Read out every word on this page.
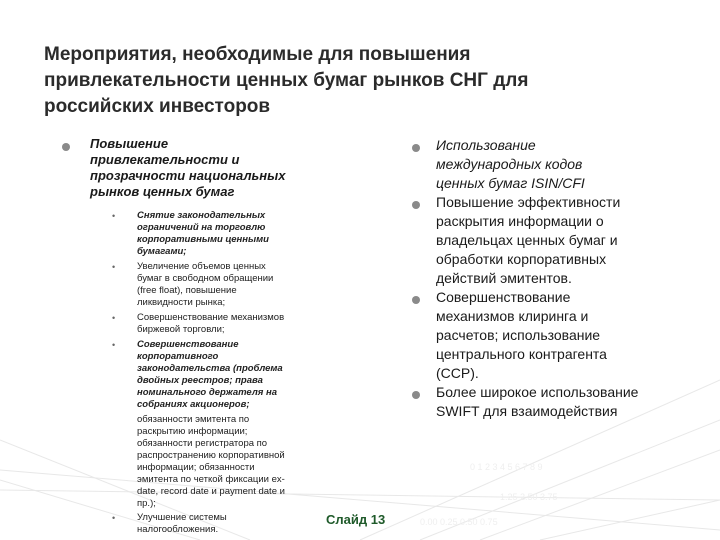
0 1 2 3 4 5 6 7 8 9
1.25 2.50 3.75
0.00 0.25 0.50 0.75
Мероприятия, необходимые для повышения
привлекательности ценных бумаг рынков СНГ для
российских инвесторов
Повышение
привлекательности и
прозрачности национальных
рынков ценных бумаг
•	Снятие законодательных
ограничений на торговлю
корпоративными ценными
бумагами;
•	Увеличение объемов ценных
бумаг в свободном обращении
(free float), повышение
ликвидности рынка;
•	Совершенствование механизмов
биржевой торговли;
•	Совершенствование
корпоративного
законодательства (проблема
двойных реестров; права
номинального держателя на
собраниях акционеров;
обязанности эмитента по
раскрытию информации;
обязанности регистратора по
распространению корпоративной
информации; обязанности
эмитента по четкой фиксации ex-
date, record date и payment date и
пр.);
•	Улучшение системы
налогообложения.
Использование
международных кодов
ценных бумаг ISIN/CFI
Повышение эффективности
раскрытия информации о
владельцах ценных бумаг и
обработки корпоративных
действий эмитентов.
Совершенствование
механизмов клиринга и
расчетов; использование
центрального контрагента
(ССР).
Более широкое использование
SWIFT для взаимодействия
Слайд 13
